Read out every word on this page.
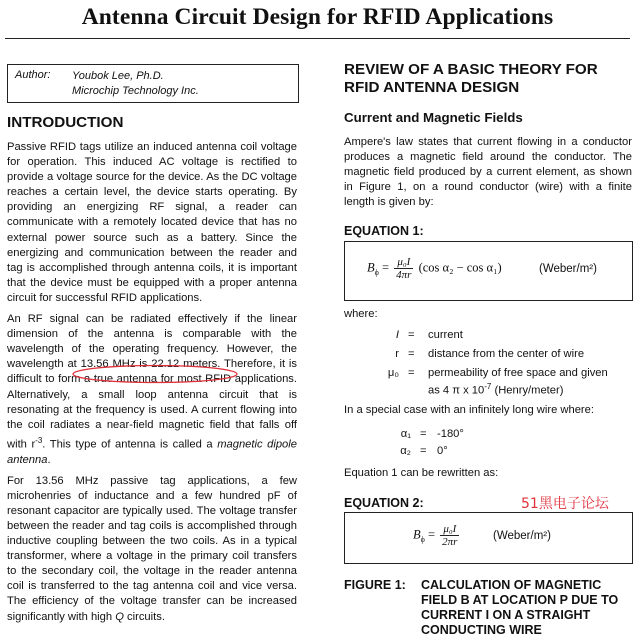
Antenna Circuit Design for RFID Applications
Author: Youbok Lee, Ph.D.
Microchip Technology Inc.
INTRODUCTION

Passive RFID tags utilize an induced antenna coil voltage for operation. This induced AC voltage is rectified to provide a voltage source for the device. As the DC voltage reaches a certain level, the device starts operating. By providing an energizing RF signal, a reader can communicate with a remotely located device that has no external power source such as a battery. Since the energizing and communication between the reader and tag is accomplished through antenna coils, it is important that the device must be equipped with a proper antenna circuit for successful RFID applications.

An RF signal can be radiated effectively if the linear dimension of the antenna is comparable with the wavelength of the operating frequency. However, the wavelength at 13.56 MHz is 22.12 meters. Therefore, it is difficult to form a true antenna for most RFID applications. Alternatively, a small loop antenna circuit that is resonating at the frequency is used. A current flowing into the coil radiates a near-field magnetic field that falls off with $r^{-3}$. This type of antenna is called a magnetic dipole antenna.

For 13.56 MHz passive tag applications, a few microhenries of inductance and a few hundred pF of resonant capacitor are typically used. The voltage transfer between the reader and tag coils is accomplished through inductive coupling between the two coils. As in a typical transformer, where a voltage in the primary coil transfers to the secondary coil, the voltage in the reader antenna coil is transferred to the tag antenna coil and vice versa. The efficiency of the voltage transfer can be increased significantly with high Q circuits.

REVIEW OF A BASIC THEORY FOR
RFID ANTENNA DESIGN
Current and Magnetic Fields
Ampere's law states that current flowing in a conductor produces a magnetic field around the conductor. The magnetic field produced by a current element, as shown in Figure 1, on a round conductor (wire) with a finite length is given by:
EQUATION 1:
$B_\phi = \frac{\text{μ₀I}}{4\pi r} (\cos$ α₂ − cos α₁)	(Weber/m²)
where:
I = current
r = distance from the center of wire
μ₀ = permeability of free space and given
as 4 π x $10^{-7}$ (Henry/meter)
In a special case with an infinitely long wire where:
α₁ = -180°
α₂ = 0°
Equation 1 can be rewritten as:
EQUATION 2:	51黑电子论坛
$B_\phi = \frac{\text{μ₀I}}{2\pi r}$	(Weber/m²)
FIGURE 1: CALCULATION OF MAGNETIC
FIELD B AT LOCATION P DUE TO
CURRENT I ON A STRAIGHT
CONDUCTING WIRE
